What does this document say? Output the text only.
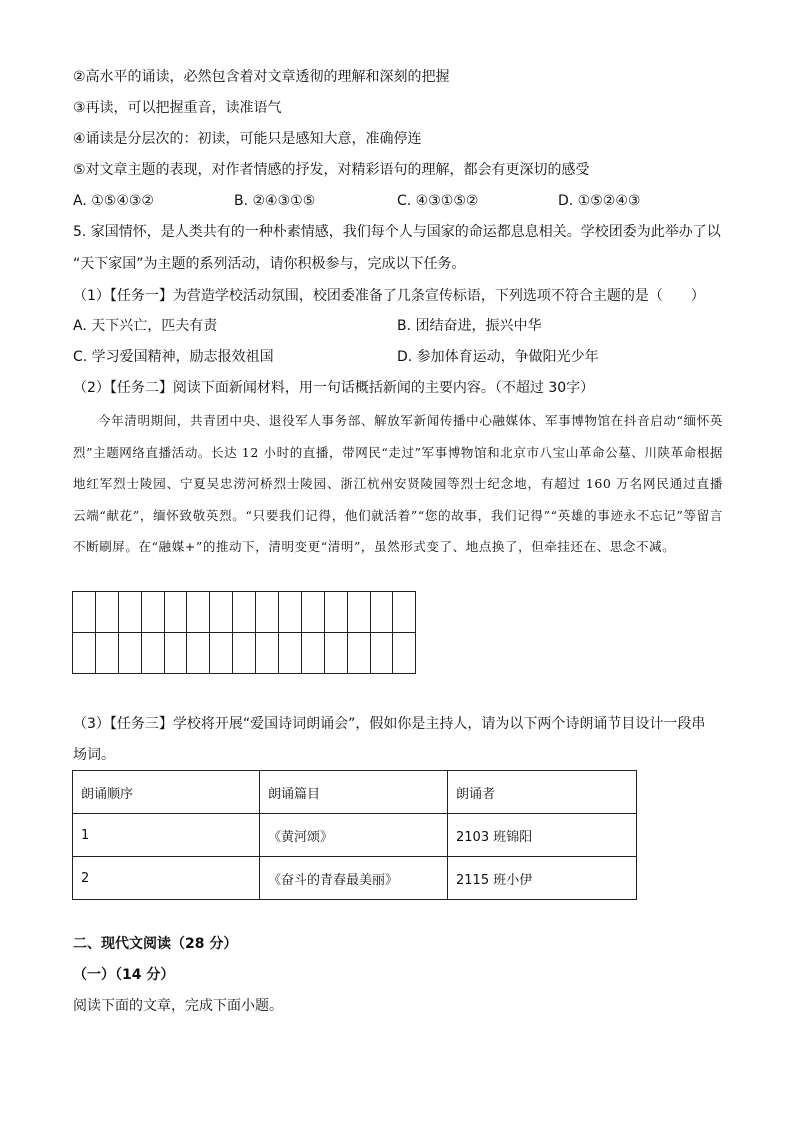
②高水平的诵读，必然包含着对文章透彻的理解和深刻的把握
③再读，可以把握重音，读准语气
④诵读是分层次的：初读，可能只是感知大意，准确停连
⑤对文章主题的表现，对作者情感的抒发，对精彩语句的理解，都会有更深切的感受
A. ①⑤④③②	B. ②④③①⑤	C. ④③①⑤②	D. ①⑤②④③
5. 家国情怀，是人类共有的一种朴素情感，我们每个人与国家的命运都息息相关。学校团委为此举办了以
“天下家国”为主题的系列活动，请你积极参与，完成以下任务。
（1）【任务一】为营造学校活动氛围，校团委准备了几条宣传标语，下列选项不符合主题的是（　　）
A. 天下兴亡，匹夫有责	B. 团结奋进，振兴中华
C. 学习爱国精神，励志报效祖国	D. 参加体育运动，争做阳光少年
（2）【任务二】阅读下面新闻材料，用一句话概括新闻的主要内容。（不超过 30字）
今年清明期间，共青团中央、退役军人事务部、解放军新闻传播中心融媒体、军事博物馆在抖音启动“缅怀英烈”主题网络直播活动。长达 12 小时的直播，带网民“走过”军事博物馆和北京市八宝山革命公墓、川陕革命根据地红军烈士陵园、宁夏吴忠涝河桥烈士陵园、浙江杭州安贤陵园等烈士纪念地，有超过 160 万名网民通过直播云端“献花”，缅怀致敬英烈。“只要我们记得，他们就活着”“您的故事，我们记得”“英雄的事迹永不忘记”等留言不断刷屏。在“融媒+”的推动下，清明变更“清明”，虽然形式变了、地点换了，但牵挂还在、思念不减。

（3）【任务三】学校将开展“爱国诗词朗诵会”，假如你是主持人，请为以下两个诗朗诵节目设计一段串
场词。
朗诵顺序	朗诵篇目	朗诵者
1	《黄河颂》	2103 班锦阳
2	《奋斗的青春最美丽》	2115 班小伊
二、现代文阅读（28 分）
（一）（14 分）
阅读下面的文章，完成下面小题。
